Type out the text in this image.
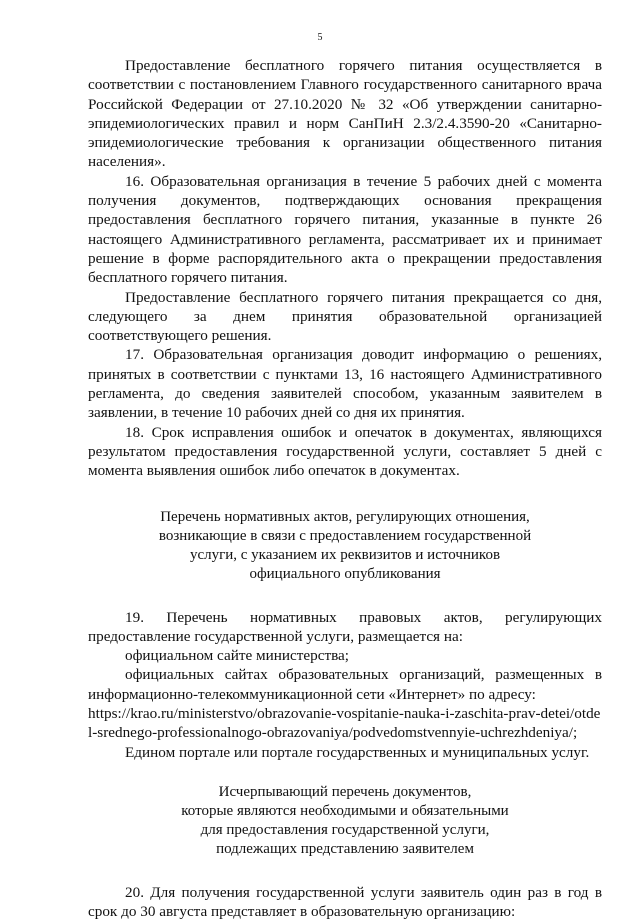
5

Предоставление бесплатного горячего питания осуществляется в соответствии с постановлением Главного государственного санитарного врача Российской Федерации от 27.10.2020 № 32 «Об утверждении санитарно-эпидемиологических правил и норм СанПиН 2.3/2.4.3590-20 «Санитарно-эпидемиологические требования к организации общественного питания населения».

16. Образовательная организация в течение 5 рабочих дней с момента получения документов, подтверждающих основания прекращения предоставления бесплатного горячего питания, указанные в пункте 26 настоящего Административного регламента, рассматривает их и принимает решение в форме распорядительного акта о прекращении предоставления бесплатного горячего питания.

Предоставление бесплатного горячего питания прекращается со дня, следующего за днем принятия образовательной организацией соответствующего решения.

17. Образовательная организация доводит информацию о решениях, принятых в соответствии с пунктами 13, 16 настоящего Административного регламента, до сведения заявителей способом, указанным заявителем в заявлении, в течение 10 рабочих дней со дня их принятия.

18. Срок исправления ошибок и опечаток в документах, являющихся результатом предоставления государственной услуги, составляет 5 дней с момента выявления ошибок либо опечаток в документах.

Перечень нормативных актов, регулирующих отношения,

возникающие в связи с предоставлением государственной

услуги, с указанием их реквизитов и источников

официального опубликования

19. Перечень нормативных правовых актов, регулирующих предоставление государственной услуги, размещается на:

официальном сайте министерства;

официальных сайтах образовательных организаций, размещенных в информационно-телекоммуникационной сети «Интернет» по адресу:

https://krao.ru/ministerstvo/obrazovanie-vospitanie-nauka-i-zaschita-prav-detei/otdel-srednego-professionalnogo-obrazovaniya/podvedomstvennyie-uchrezhdeniya/;

Едином портале или портале государственных и муниципальных услуг.

Исчерпывающий перечень документов,

которые являются необходимыми и обязательными

для предоставления государственной услуги,

подлежащих представлению заявителем

20. Для получения государственной услуги заявитель один раз в год в срок до 30 августа представляет в образовательную организацию:
